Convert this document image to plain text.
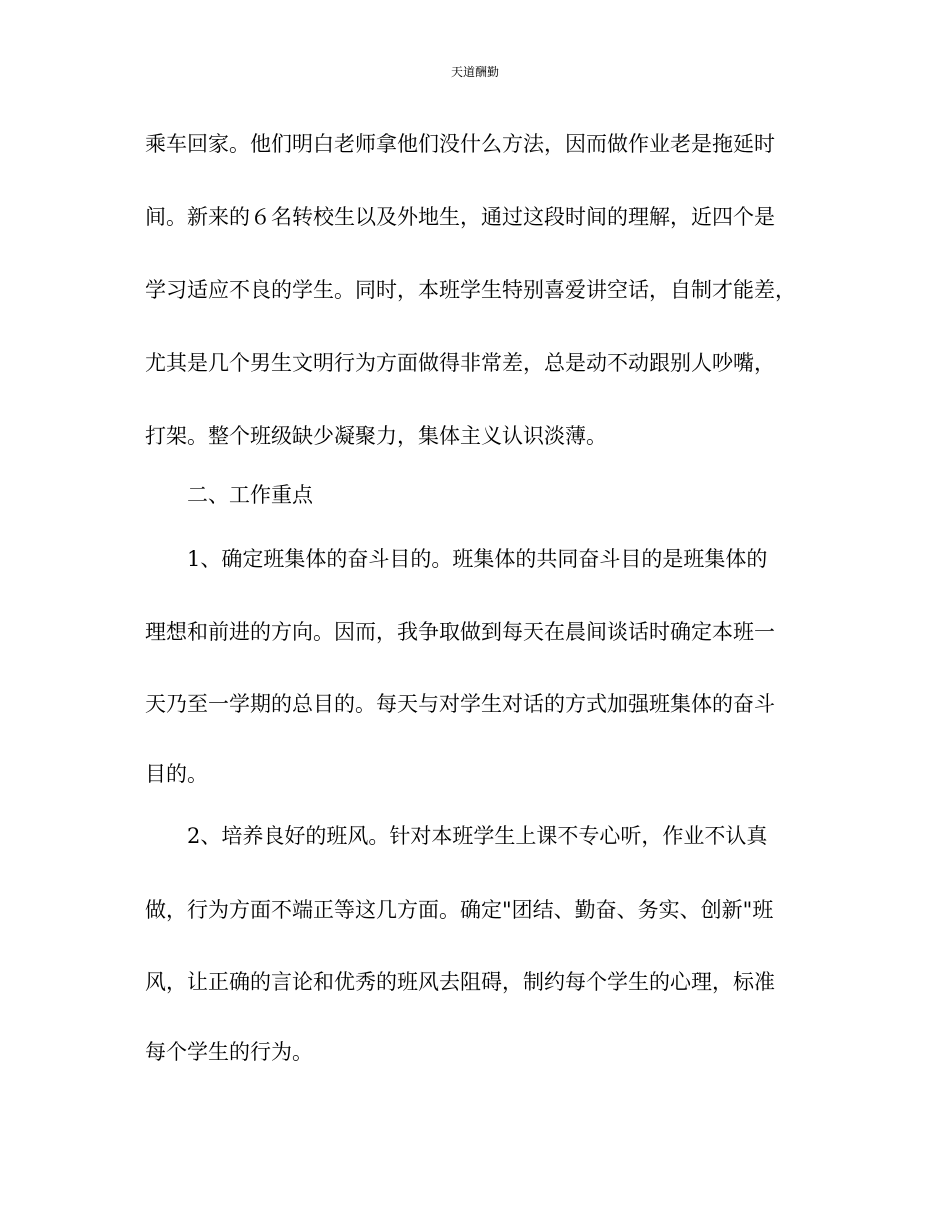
天道酬勤
乘车回家。他们明白老师拿他们没什么方法，因而做作业老是拖延时
间。新来的６名转校生以及外地生，通过这段时间的理解，近四个是
学习适应不良的学生。同时，本班学生特别喜爱讲空话，自制才能差，
尤其是几个男生文明行为方面做得非常差，总是动不动跟别人吵嘴，
打架。整个班级缺少凝聚力，集体主义认识淡薄。
　　二、工作重点
　　1、确定班集体的奋斗目的。班集体的共同奋斗目的是班集体的
理想和前进的方向。因而，我争取做到每天在晨间谈话时确定本班一
天乃至一学期的总目的。每天与对学生对话的方式加强班集体的奋斗
目的。
　　2、培养良好的班风。针对本班学生上课不专心听，作业不认真
做，行为方面不端正等这几方面。确定"团结、勤奋、务实、创新"班
风，让正确的言论和优秀的班风去阻碍，制约每个学生的心理，标准
每个学生的行为。
